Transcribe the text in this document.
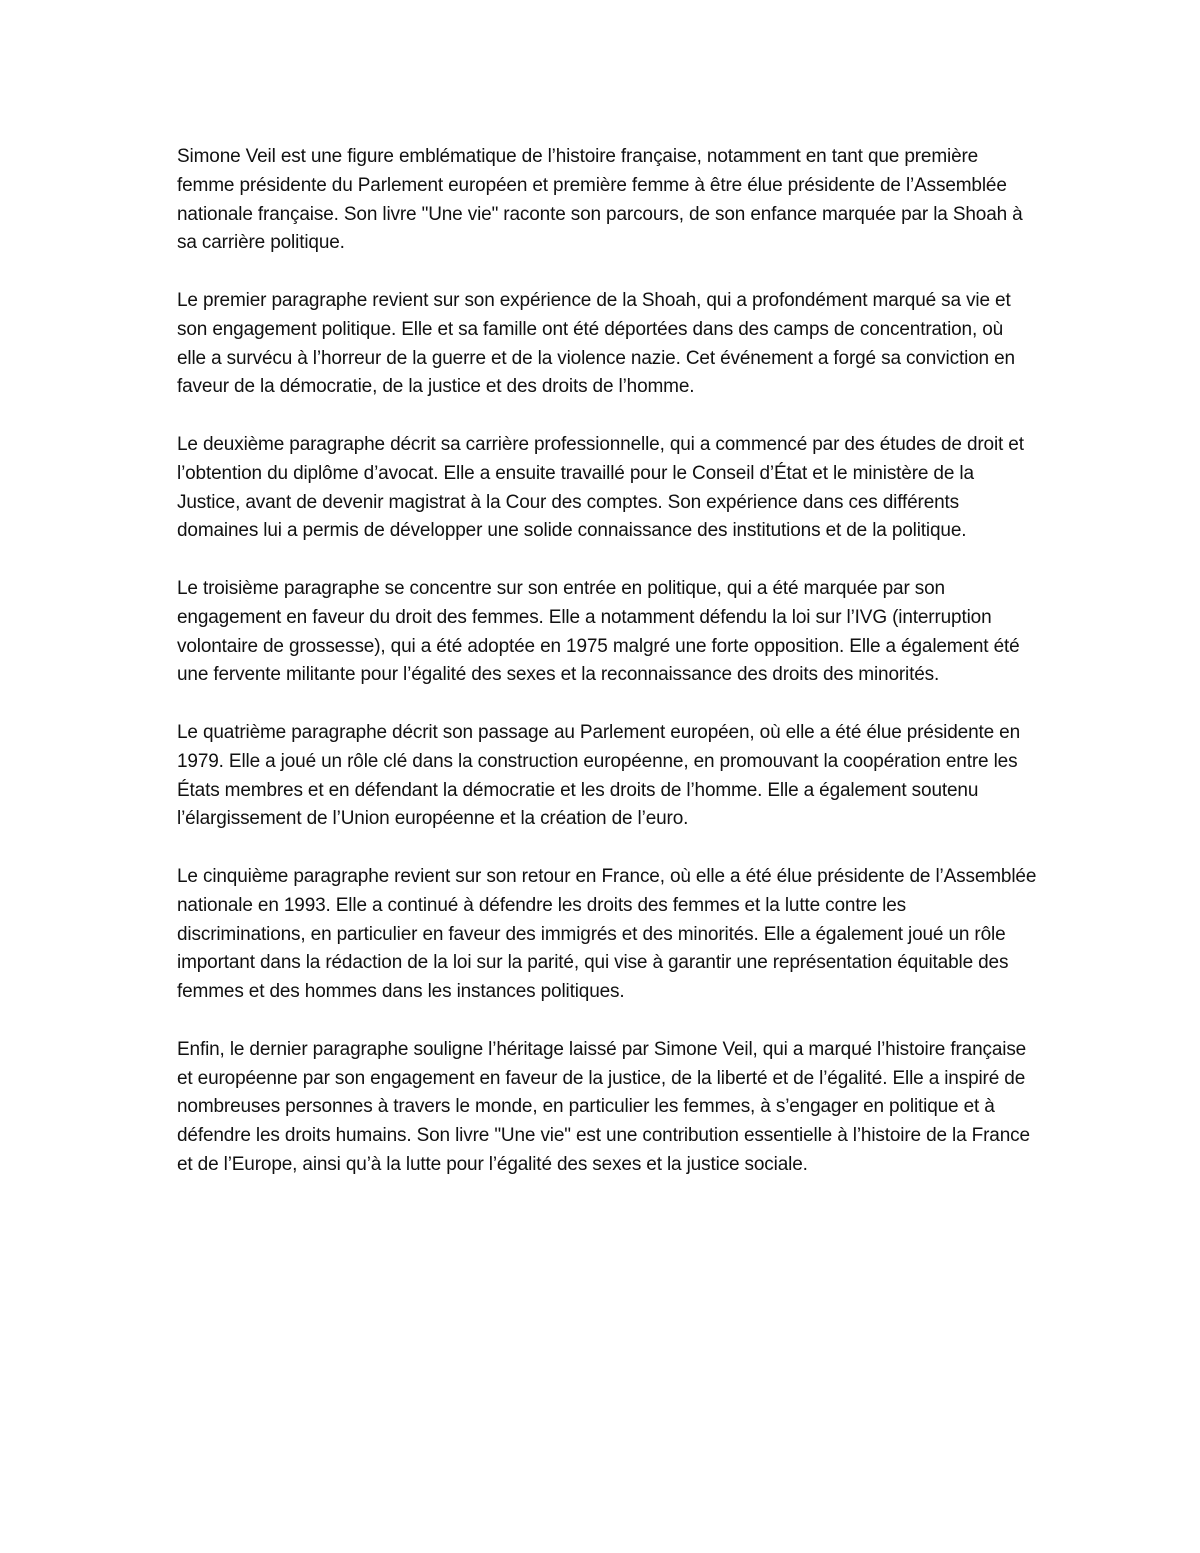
Simone Veil est une figure emblématique de l’histoire française, notamment en tant que première femme présidente du Parlement européen et première femme à être élue présidente de l’Assemblée nationale française. Son livre "Une vie" raconte son parcours, de son enfance marquée par la Shoah à sa carrière politique.

Le premier paragraphe revient sur son expérience de la Shoah, qui a profondément marqué sa vie et son engagement politique. Elle et sa famille ont été déportées dans des camps de concentration, où elle a survécu à l’horreur de la guerre et de la violence nazie. Cet événement a forgé sa conviction en faveur de la démocratie, de la justice et des droits de l’homme.

Le deuxième paragraphe décrit sa carrière professionnelle, qui a commencé par des études de droit et l’obtention du diplôme d’avocat. Elle a ensuite travaillé pour le Conseil d’État et le ministère de la Justice, avant de devenir magistrat à la Cour des comptes. Son expérience dans ces différents domaines lui a permis de développer une solide connaissance des institutions et de la politique.

Le troisième paragraphe se concentre sur son entrée en politique, qui a été marquée par son engagement en faveur du droit des femmes. Elle a notamment défendu la loi sur l’IVG (interruption volontaire de grossesse), qui a été adoptée en 1975 malgré une forte opposition. Elle a également été une fervente militante pour l’égalité des sexes et la reconnaissance des droits des minorités.

Le quatrième paragraphe décrit son passage au Parlement européen, où elle a été élue présidente en 1979. Elle a joué un rôle clé dans la construction européenne, en promouvant la coopération entre les États membres et en défendant la démocratie et les droits de l’homme. Elle a également soutenu l’élargissement de l’Union européenne et la création de l’euro.

Le cinquième paragraphe revient sur son retour en France, où elle a été élue présidente de l’Assemblée nationale en 1993. Elle a continué à défendre les droits des femmes et la lutte contre les discriminations, en particulier en faveur des immigrés et des minorités. Elle a également joué un rôle important dans la rédaction de la loi sur la parité, qui vise à garantir une représentation équitable des femmes et des hommes dans les instances politiques.

Enfin, le dernier paragraphe souligne l’héritage laissé par Simone Veil, qui a marqué l’histoire française et européenne par son engagement en faveur de la justice, de la liberté et de l’égalité. Elle a inspiré de nombreuses personnes à travers le monde, en particulier les femmes, à s’engager en politique et à défendre les droits humains. Son livre "Une vie" est une contribution essentielle à l’histoire de la France et de l’Europe, ainsi qu’à la lutte pour l’égalité des sexes et la justice sociale.
